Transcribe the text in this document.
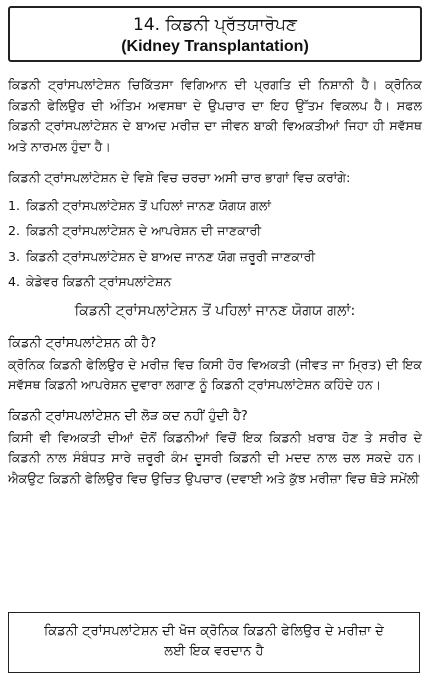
14. ਕਿਡਨੀ ਪ੍ਰੱਤਯਾਰੋਪਣ
(Kidney Transplantation)

ਕਿਡਨੀ ਟ੍ਰਾਂਸਪਲਾਂਟੇਸ਼ਨ ਚਿਕਿੱਤਸਾ ਵਿਗਿਆਨ ਦੀ ਪ੍ਰਗਤਿ ਦੀ ਨਿਸ਼ਾਨੀ ਹੈ। ਕ੍ਰੋਨਿਕ ਕਿਡਨੀ ਫੇਲਿਉਰ ਦੀ ਅੰਤਿਮ ਅਵਸਥਾ ਦੇ ਉਪਚਾਰ ਦਾ ਇਹ ਉੱਤਮ ਵਿਕਲਪ ਹੈ। ਸਫਲ ਕਿਡਨੀ ਟ੍ਰਾਂਸਪਲਾਂਟੇਸ਼ਨ ਦੇ ਬਾਅਦ ਮਰੀਜ਼ ਦਾ ਜੀਵਨ ਬਾਕੀ ਵਿਅਕਤੀਆਂ ਜਿਹਾ ਹੀ ਸਵੱਸਥ ਅਤੇ ਨਾਰਮਲ ਹੁੰਦਾ ਹੈ।

ਕਿਡਨੀ ਟ੍ਰਾਂਸਪਲਾਂਟੇਸ਼ਨ ਦੇ ਵਿਸ਼ੇ ਵਿਚ ਚਰਚਾ ਅਸੀ ਚਾਰ ਭਾਗਾਂ ਵਿਚ ਕਰਾਂਗੇ:

1. ਕਿਡਨੀ ਟ੍ਰਾਂਸਪਲਾਂਟੇਸ਼ਨ ਤੋਂ ਪਹਿਲਾਂ ਜਾਨਣ ਯੋਗਯ ਗਲਾਂ
2. ਕਿਡਨੀ ਟ੍ਰਾਂਸਪਲਾਂਟੇਸ਼ਨ ਦੇ ਆਪਰੇਸ਼ਨ ਦੀ ਜਾਣਕਾਰੀ
3. ਕਿਡਨੀ ਟ੍ਰਾਂਸਪਲਾਂਟੇਸ਼ਨ ਦੇ ਬਾਅਦ ਜਾਨਣ ਯੋਗ ਜ਼ਰੂਰੀ ਜਾਣਕਾਰੀ
4. ਕੇਡੇਵਰ ਕਿਡਨੀ ਟ੍ਰਾਂਸਪਲਾਂਟੇਸ਼ਨ
ਕਿਡਨੀ ਟ੍ਰਾਂਸਪਲਾਂਟੇਸ਼ਨ ਤੋਂ ਪਹਿਲਾਂ ਜਾਨਣ ਯੋਗਯ ਗਲਾਂ:
ਕਿਡਨੀ ਟ੍ਰਾਂਸਪਲਾਂਟੇਸ਼ਨ ਕੀ ਹੈ?

ਕ੍ਰੋਨਿਕ ਕਿਡਨੀ ਫੇਲਿਉਰ ਦੇ ਮਰੀਜ਼ ਵਿਚ ਕਿਸੀ ਹੋਰ ਵਿਅਕਤੀ (ਜੀਵਤ ਜਾ ਮ੍ਰਿਤ) ਦੀ ਇਕ ਸਵੱਸਥ ਕਿਡਨੀ ਆਪਰੇਸ਼ਨ ਦੁਵਾਰਾ ਲਗਾਣ ਨੂੰ ਕਿਡਨੀ ਟ੍ਰਾਂਸਪਲਾਂਟੇਸ਼ਨ ਕਹਿੰਦੇ ਹਨ।

ਕਿਡਨੀ ਟ੍ਰਾਂਸਪਲਾਂਟੇਸ਼ਨ ਦੀ ਲੋੜ ਕਦ ਨਹੀਂ ਹੁੰਦੀ ਹੈ?

ਕਿਸੀ ਵੀ ਵਿਅਕਤੀ ਦੀਆਂ ਦੋਨੋਂ ਕਿਡਨੀਆਂ ਵਿਚੋਂ ਇਕ ਕਿਡਨੀ ਖ਼ਰਾਬ ਹੋਣ ਤੇ ਸਰੀਰ ਦੇ ਕਿਡਨੀ ਨਾਲ ਸੰਬੰਧਤ ਸਾਰੇ ਜ਼ਰੂਰੀ ਕੰਮ ਦੂਸਰੀ ਕਿਡਨੀ ਦੀ ਮਦਦ ਨਾਲ ਚਲ ਸਕਦੇ ਹਨ। ਐਕਉਟ ਕਿਡਨੀ ਫੇਲਿਉਰ ਵਿਚ ਉਚਿਤ ਉਪਚਾਰ (ਦਵਾਈ ਅਤੇ ਕੁੱਝ ਮਰੀਜ਼ਾ ਵਿਚ ਥੋੜੇ ਸਮੇਂਲੀ

ਕਿਡਨੀ ਟ੍ਰਾਂਸਪਲਾਂਟੇਸ਼ਨ ਦੀ ਖੋਜ ਕ੍ਰੋਨਿਕ ਕਿਡਨੀ ਫੇਲਿਉਰ ਦੇ ਮਰੀਜ਼ਾ ਦੇ ਲਈ ਇਕ ਵਰਦਾਨ ਹੈ
